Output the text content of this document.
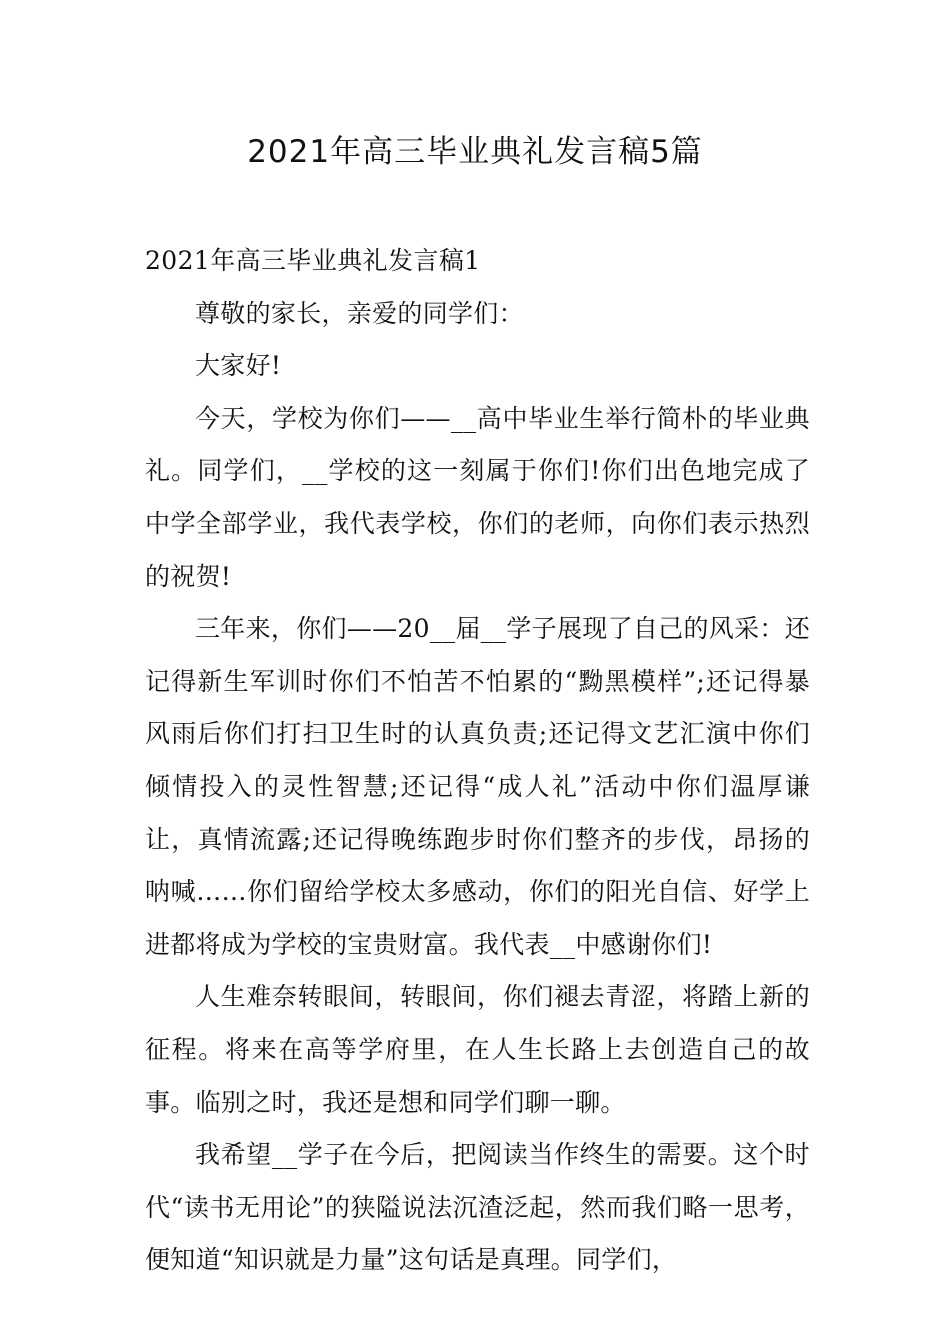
2021年高三毕业典礼发言稿5篇

2021年高三毕业典礼发言稿1

尊敬的家长，亲爱的同学们：

大家好!

今天，学校为你们——__高中毕业生举行简朴的毕业典礼。同学们，__学校的这一刻属于你们!你们出色地完成了中学全部学业，我代表学校，你们的老师，向你们表示热烈的祝贺!

三年来，你们——20__届__学子展现了自己的风采：还记得新生军训时你们不怕苦不怕累的“黝黑模样”;还记得暴风雨后你们打扫卫生时的认真负责;还记得文艺汇演中你们倾情投入的灵性智慧;还记得“成人礼”活动中你们温厚谦让，真情流露;还记得晚练跑步时你们整齐的步伐，昂扬的呐喊……你们留给学校太多感动，你们的阳光自信、好学上进都将成为学校的宝贵财富。我代表__中感谢你们!

人生难奈转眼间，转眼间，你们褪去青涩，将踏上新的征程。将来在高等学府里，在人生长路上去创造自己的故事。临别之时，我还是想和同学们聊一聊。

我希望__学子在今后，把阅读当作终生的需要。这个时代“读书无用论”的狭隘说法沉渣泛起，然而我们略一思考，便知道“知识就是力量”这句话是真理。同学们，
